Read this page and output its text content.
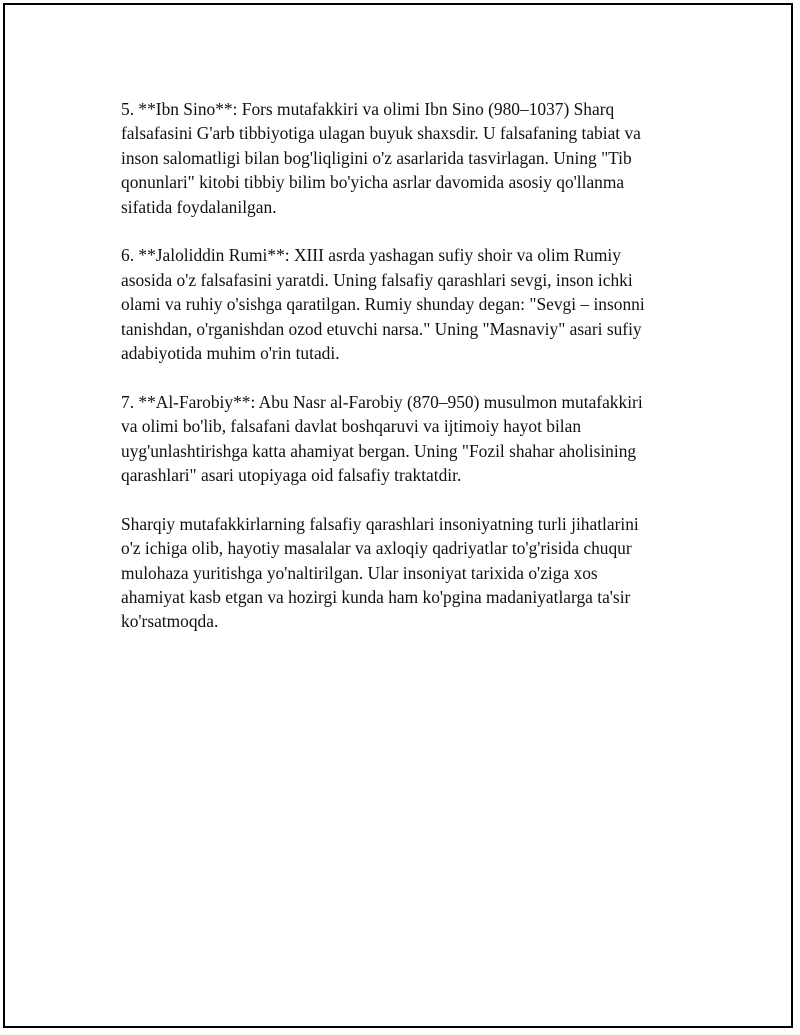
5. **Ibn Sino**: Fors mutafakkiri va olimi Ibn Sino (980–1037) Sharq
falsafasini G'arb tibbiyotiga ulagan buyuk shaxsdir. U falsafaning tabiat va
inson salomatligi bilan bog'liqligini o'z asarlarida tasvirlagan. Uning "Tib
qonunlari" kitobi tibbiy bilim bo'yicha asrlar davomida asosiy qo'llanma
sifatida foydalanilgan.

6. **Jaloliddin Rumi**: XIII asrda yashagan sufiy shoir va olim Rumiy
asosida o'z falsafasini yaratdi. Uning falsafiy qarashlari sevgi, inson ichki
olami va ruhiy o'sishga qaratilgan. Rumiy shunday degan: "Sevgi – insonni
tanishdan, o'rganishdan ozod etuvchi narsa." Uning "Masnaviy" asari sufiy
adabiyotida muhim o'rin tutadi.

7. **Al-Farobiy**: Abu Nasr al-Farobiy (870–950) musulmon mutafakkiri
va olimi bo'lib, falsafani davlat boshqaruvi va ijtimoiy hayot bilan
uyg'unlashtirishga katta ahamiyat bergan. Uning "Fozil shahar aholisining
qarashlari" asari utopiyaga oid falsafiy traktatdir.

Sharqiy mutafakkirlarning falsafiy qarashlari insoniyatning turli jihatlarini
o'z ichiga olib, hayotiy masalalar va axloqiy qadriyatlar to'g'risida chuqur
mulohaza yuritishga yo'naltirilgan. Ular insoniyat tarixida o'ziga xos
ahamiyat kasb etgan va hozirgi kunda ham ko'pgina madaniyatlarga ta'sir
ko'rsatmoqda.
